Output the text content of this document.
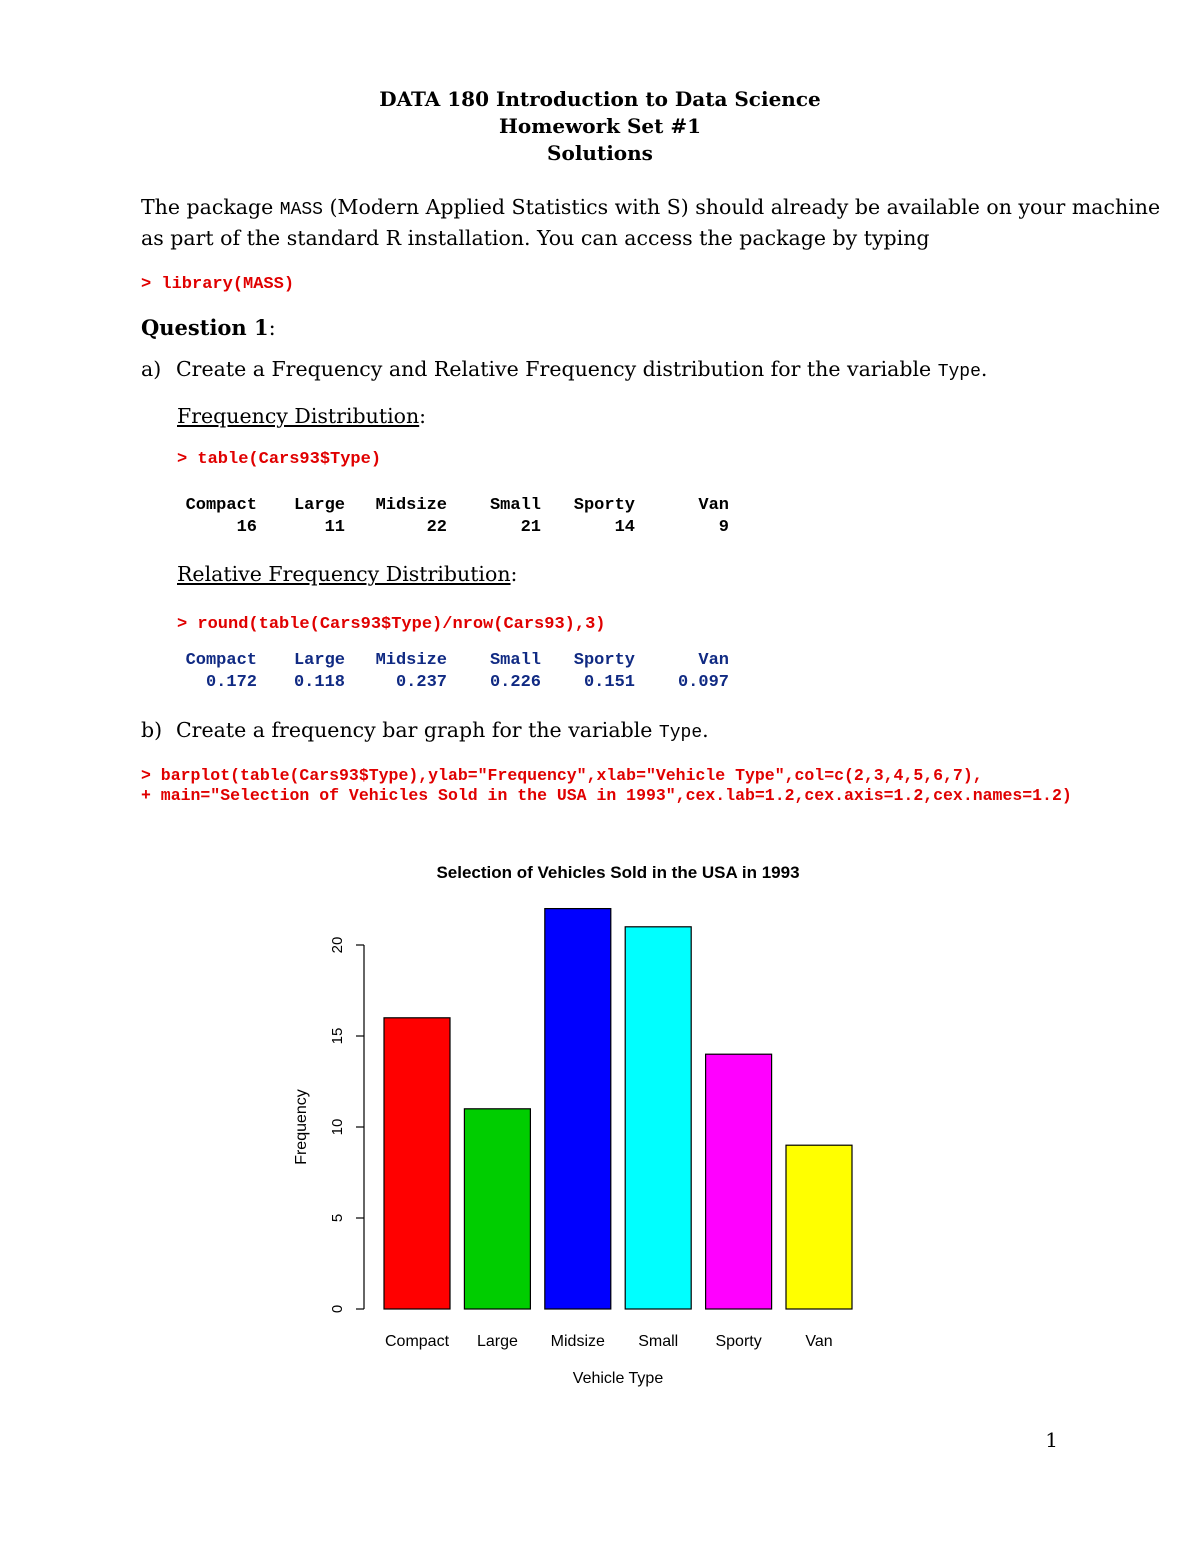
DATA 180 Introduction to Data Science
Homework Set #1
Solutions
The package MASS (Modern Applied Statistics with S) should already be available on your machine
as part of the standard R installation. You can access the package by typing
> library(MASS)
Question 1:
a) Create a Frequency and Relative Frequency distribution for the variable Type.
Frequency Distribution:
> table(Cars93$Type)
Compact Large Midsize	Small Sporty	Van
16	11	22	21	14	9
Relative Frequency Distribution:
> round(table(Cars93$Type)/nrow(Cars93),3)
Compact Large Midsize	Small Sporty	Van
0.172 0.118	0.237	0.226	0.151	0.097
b) Create a frequency bar graph for the variable Type.
> barplot(table(Cars93$Type),ylab="Frequency",xlab="Vehicle Type",col=c(2,3,4,5,6,7),
+ main="Selection of Vehicles Sold in the USA in 1993",cex.lab=1.2,cex.axis=1.2,cex.names=1.2)
Selection of Vehicles Sold in the USA in 1993
0
5
10
15
20
Frequency
Compact Large Midsize Small Sporty	Van
Vehicle Type
1
